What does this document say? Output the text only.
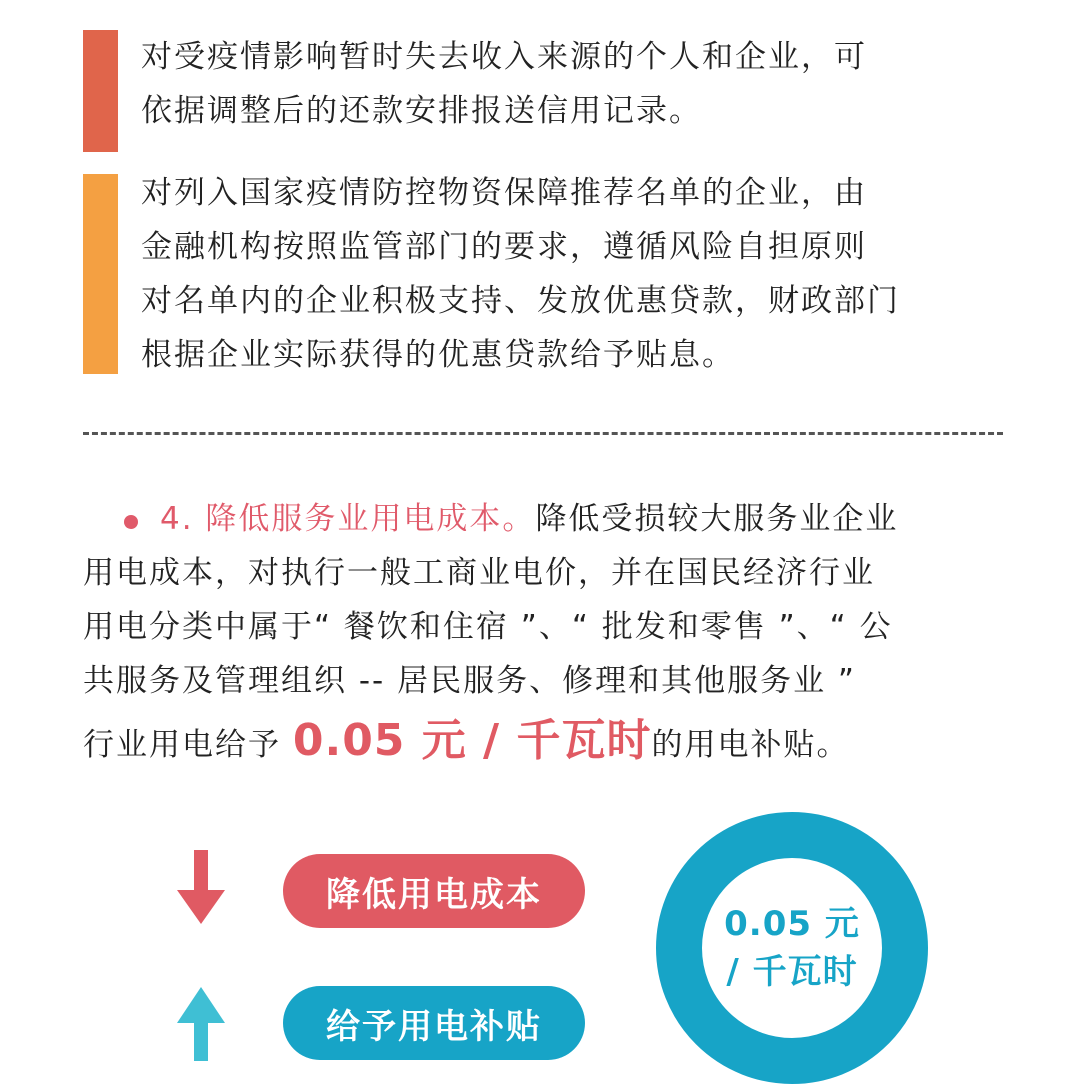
对受疫情影响暂时失去收入来源的个人和企业，可
依据调整后的还款安排报送信用记录。
对列入国家疫情防控物资保障推荐名单的企业，由
金融机构按照监管部门的要求，遵循风险自担原则
对名单内的企业积极支持、发放优惠贷款，财政部门
根据企业实际获得的优惠贷款给予贴息。
4. 降低服务业用电成本。降低受损较大服务业企业
用电成本，对执行一般工商业电价，并在国民经济行业
用电分类中属于“ 餐饮和住宿 ”、“ 批发和零售 ”、“ 公
共服务及管理组织 -- 居民服务、修理和其他服务业 ”
行业用电给予 0.05 元 / 千瓦时的用电补贴。
降低用电成本
给予用电补贴
0.05 元
/ 千瓦时
